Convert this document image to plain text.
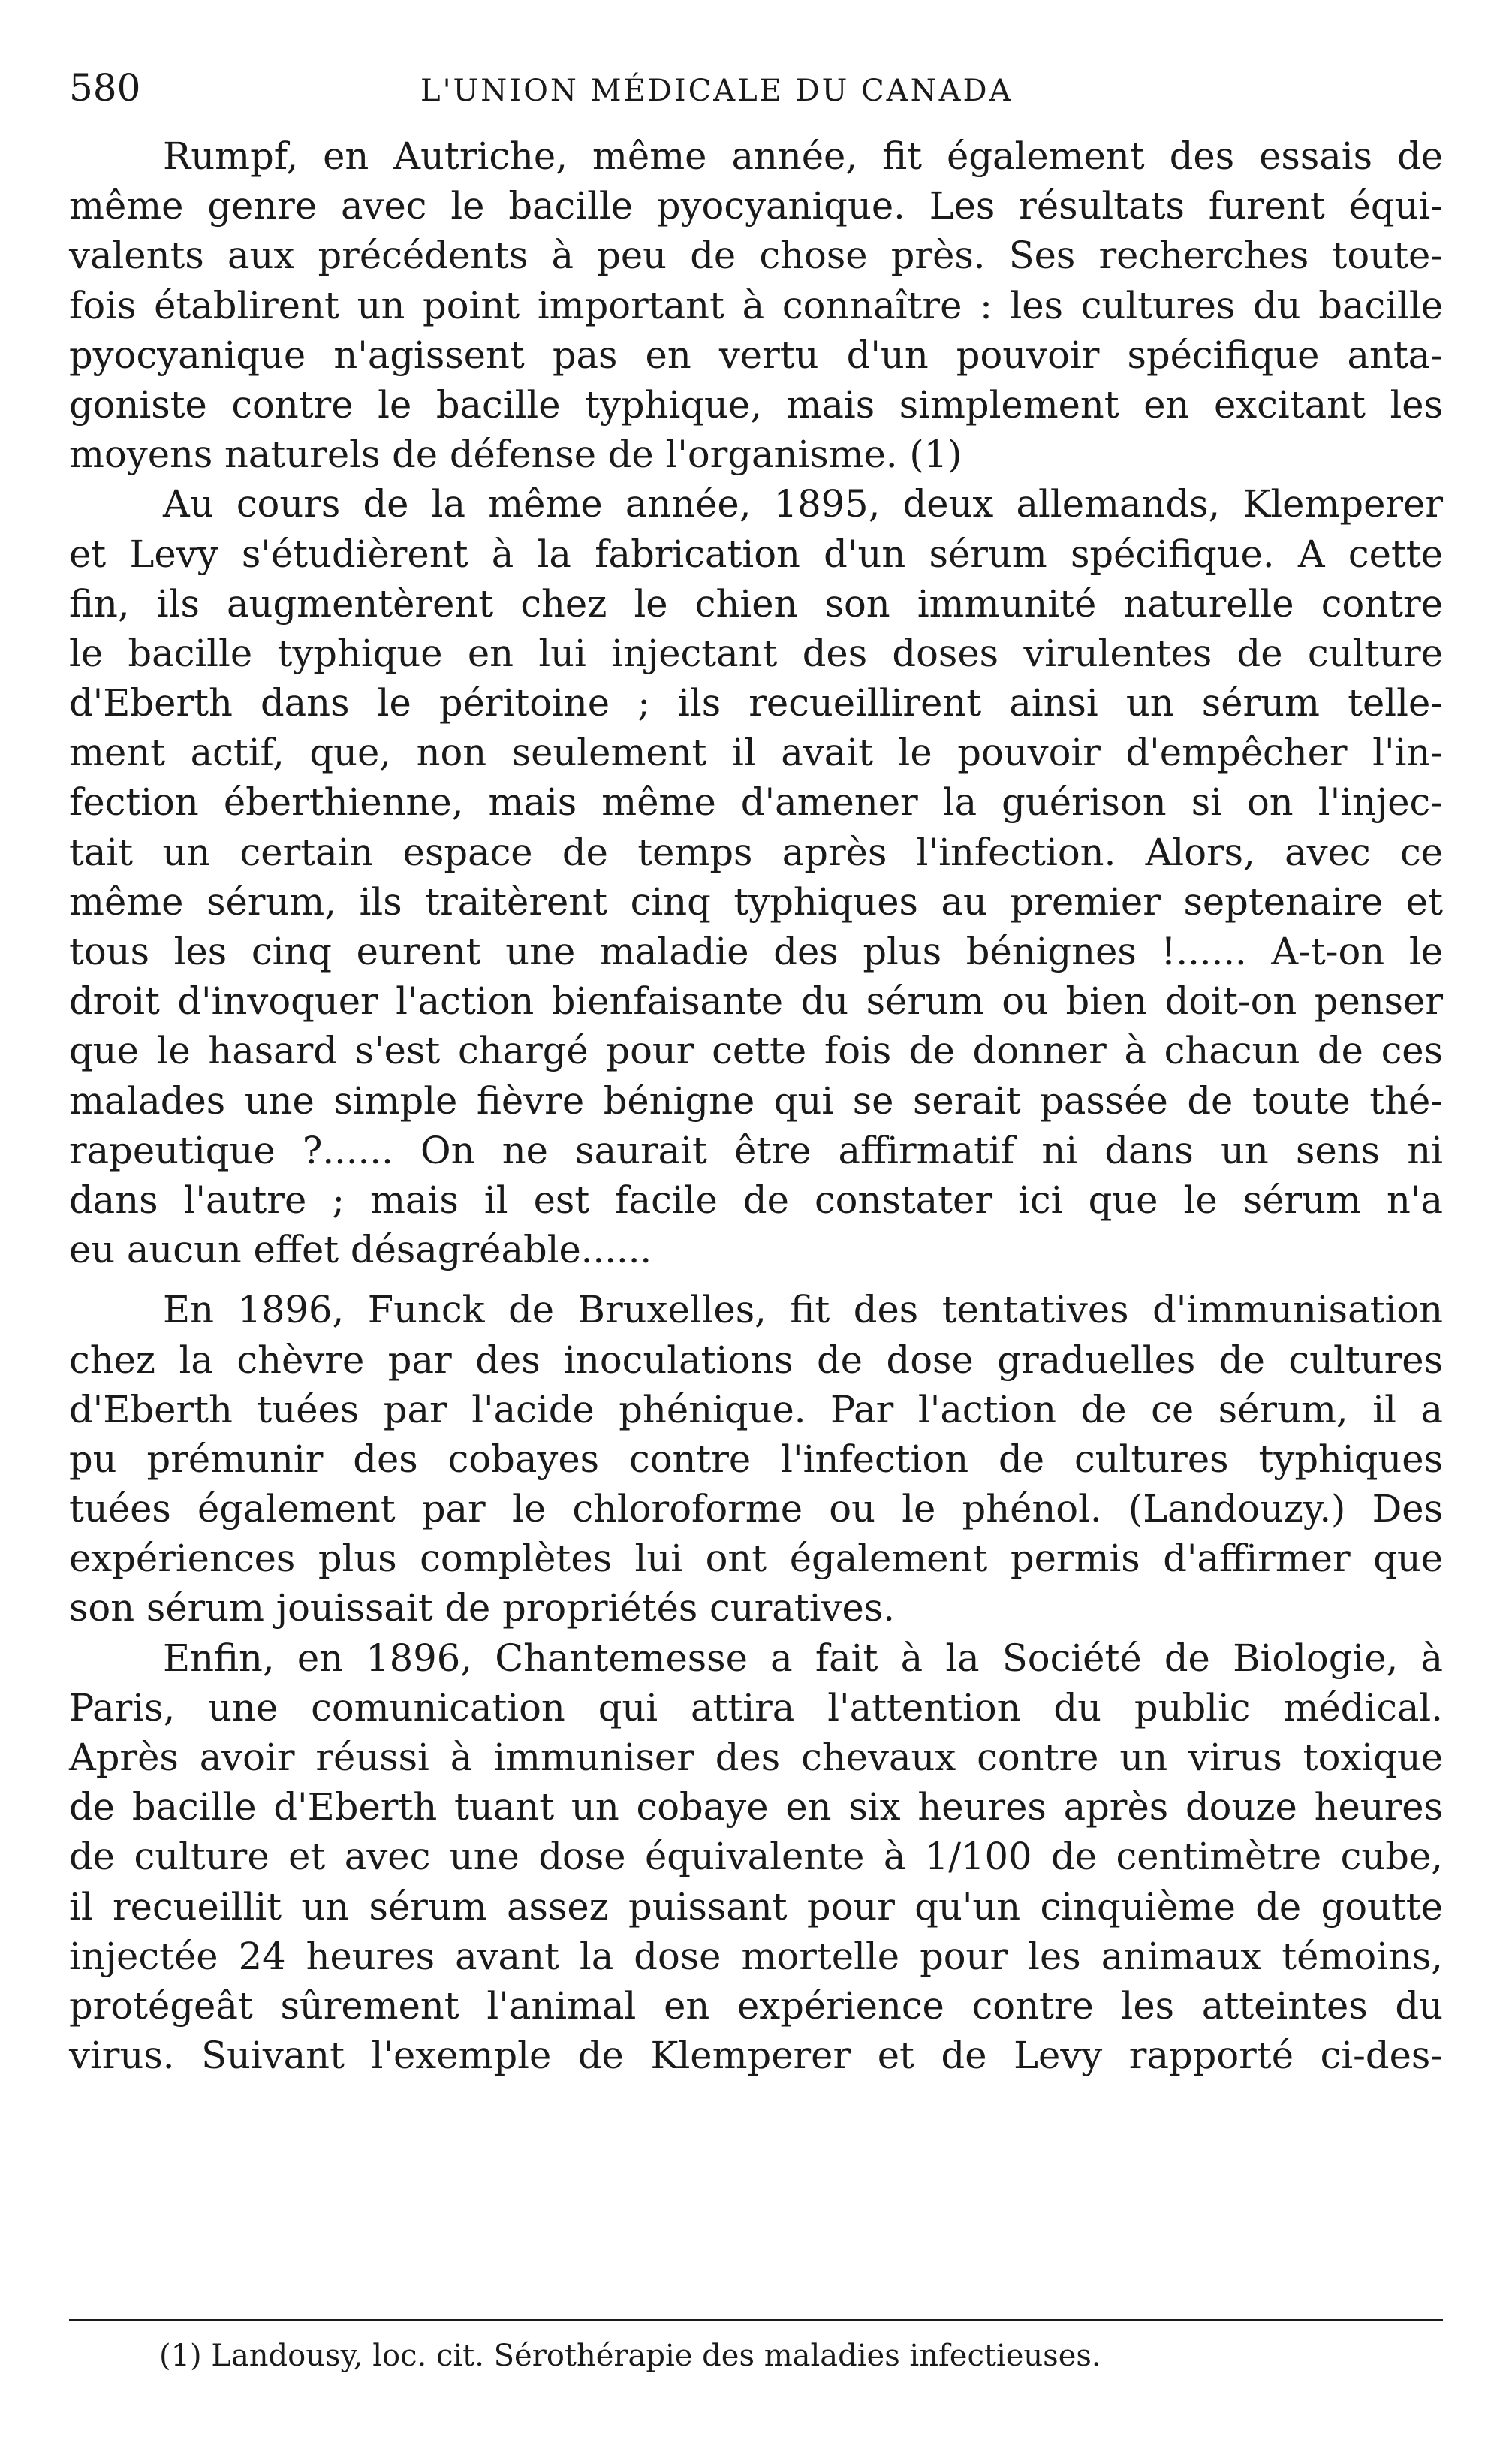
580	L'UNION MÉDICALE DU CANADA
Rumpf, en Autriche, même année, fit également des essais de
même genre avec le bacille pyocyanique. Les résultats furent équi-
valents aux précédents à peu de chose près. Ses recherches toute-
fois établirent un point important à connaître : les cultures du bacille
pyocyanique n'agissent pas en vertu d'un pouvoir spécifique anta-
goniste contre le bacille typhique, mais simplement en excitant les
moyens naturels de défense de l'organisme. (1)
Au cours de la même année, 1895, deux allemands, Klemperer
et Levy s'étudièrent à la fabrication d'un sérum spécifique. A cette
fin, ils augmentèrent chez le chien son immunité naturelle contre
le bacille typhique en lui injectant des doses virulentes de culture
d'Eberth dans le péritoine ; ils recueillirent ainsi un sérum telle-
ment actif, que, non seulement il avait le pouvoir d'empêcher l'in-
fection éberthienne, mais même d'amener la guérison si on l'injec-
tait un certain espace de temps après l'infection. Alors, avec ce
même sérum, ils traitèrent cinq typhiques au premier septenaire et
tous les cinq eurent une maladie des plus bénignes !...... A-t-on le
droit d'invoquer l'action bienfaisante du sérum ou bien doit-on penser
que le hasard s'est chargé pour cette fois de donner à chacun de ces
malades une simple fièvre bénigne qui se serait passée de toute thé-
rapeutique ?...... On ne saurait être affirmatif ni dans un sens ni
dans l'autre ; mais il est facile de constater ici que le sérum n'a
eu aucun effet désagréable......
En 1896, Funck de Bruxelles, fit des tentatives d'immunisation
chez la chèvre par des inoculations de dose graduelles de cultures
d'Eberth tuées par l'acide phénique. Par l'action de ce sérum, il a
pu prémunir des cobayes contre l'infection de cultures typhiques
tuées également par le chloroforme ou le phénol. (Landouzy.) Des
expériences plus complètes lui ont également permis d'affirmer que
son sérum jouissait de propriétés curatives.
Enfin, en 1896, Chantemesse a fait à la Société de Biologie, à
Paris, une comunication qui attira l'attention du public médical.
Après avoir réussi à immuniser des chevaux contre un virus toxique
de bacille d'Eberth tuant un cobaye en six heures après douze heures
de culture et avec une dose équivalente à 1/100 de centimètre cube,
il recueillit un sérum assez puissant pour qu'un cinquième de goutte
injectée 24 heures avant la dose mortelle pour les animaux témoins,
protégeât sûrement l'animal en expérience contre les atteintes du
virus. Suivant l'exemple de Klemperer et de Levy rapporté ci-des-
(1) Landousy, loc. cit. Sérothérapie des maladies infectieuses.
